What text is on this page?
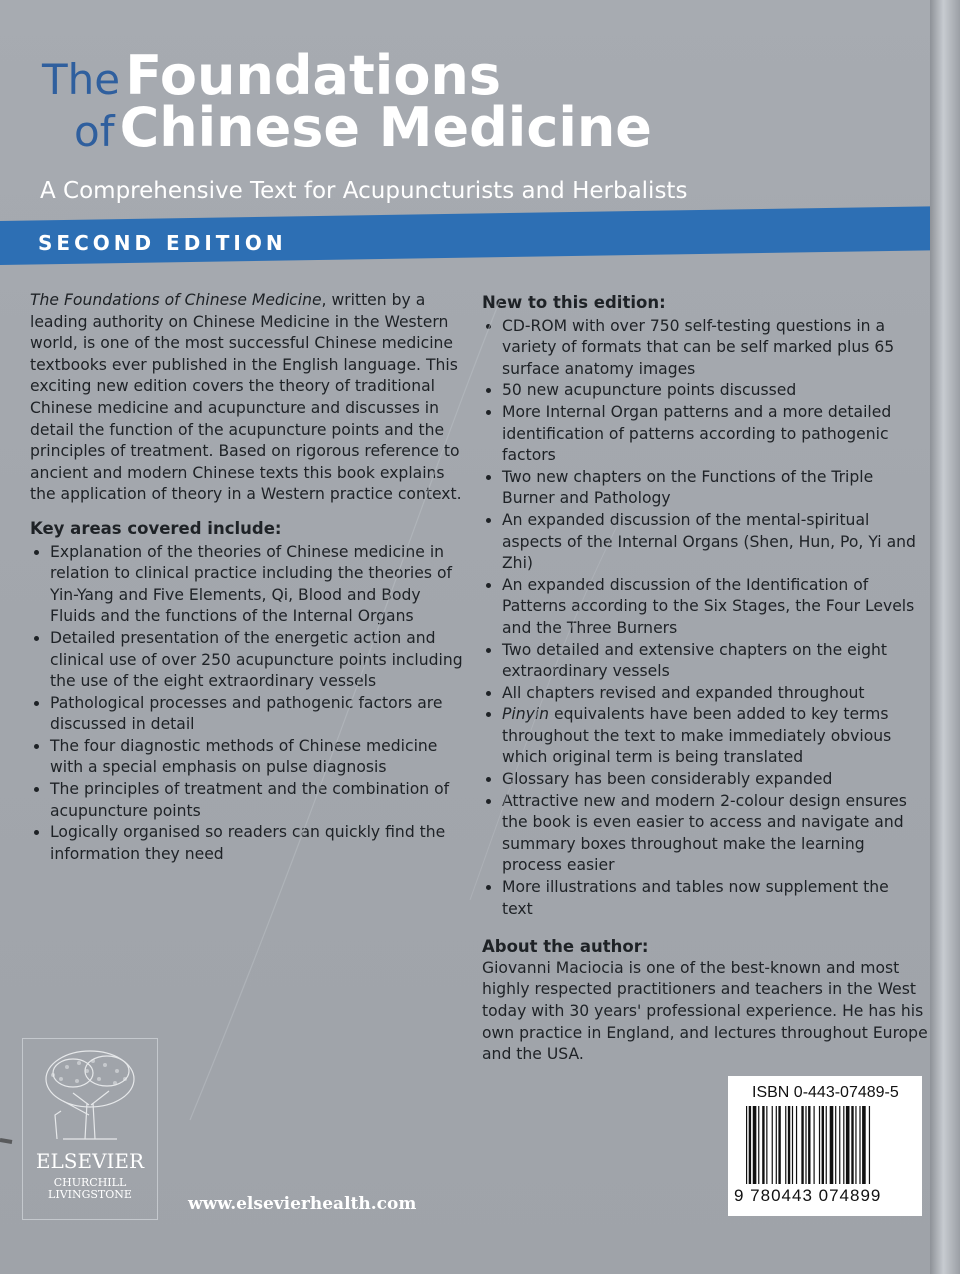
The Foundations
of Chinese Medicine
A Comprehensive Text for Acupuncturists and Herbalists
SECOND EDITION

The Foundations of Chinese Medicine, written by a leading authority on Chinese Medicine in the Western world, is one of the most successful Chinese medicine textbooks ever published in the English language. This exciting new edition covers the theory of traditional Chinese medicine and acupuncture and discusses in detail the function of the acupuncture points and the principles of treatment. Based on rigorous reference to ancient and modern Chinese texts this book explains the application of theory in a Western practice context.

Key areas covered include:
• Explanation of the theories of Chinese medicine in relation to clinical practice including the theories of Yin-Yang and Five Elements, Qi, Blood and Body Fluids and the functions of the Internal Organs
• Detailed presentation of the energetic action and clinical use of over 250 acupuncture points including the use of the eight extraordinary vessels
• Pathological processes and pathogenic factors are discussed in detail
• The four diagnostic methods of Chinese medicine with a special emphasis on pulse diagnosis
• The principles of treatment and the combination of acupuncture points
• Logically organised so readers can quickly find the information they need
New to this edition:
• CD-ROM with over 750 self-testing questions in a variety of formats that can be self marked plus 65 surface anatomy images
• 50 new acupuncture points discussed
• More Internal Organ patterns and a more detailed identification of patterns according to pathogenic factors
• Two new chapters on the Functions of the Triple Burner and Pathology
• An expanded discussion of the mental-spiritual aspects of the Internal Organs (Shen, Hun, Po, Yi and Zhi)
• An expanded discussion of the Identification of Patterns according to the Six Stages, the Four Levels and the Three Burners
• Two detailed and extensive chapters on the eight extraordinary vessels
• All chapters revised and expanded throughout
• Pinyin equivalents have been added to key terms throughout the text to make immediately obvious which original term is being translated
• Glossary has been considerably expanded
• Attractive new and modern 2-colour design ensures the book is even easier to access and navigate and summary boxes throughout make the learning process easier
• More illustrations and tables now supplement the text
About the author:
Giovanni Maciocia is one of the best-known and most highly respected practitioners and teachers in the West today with 30 years' professional experience. He has his own practice in England, and lectures throughout Europe and the USA.
ELSEVIER
CHURCHILL
LIVINGSTONE	www.elsevierhealth.com
ISBN 0-443-07489-5
9 780443 074899
